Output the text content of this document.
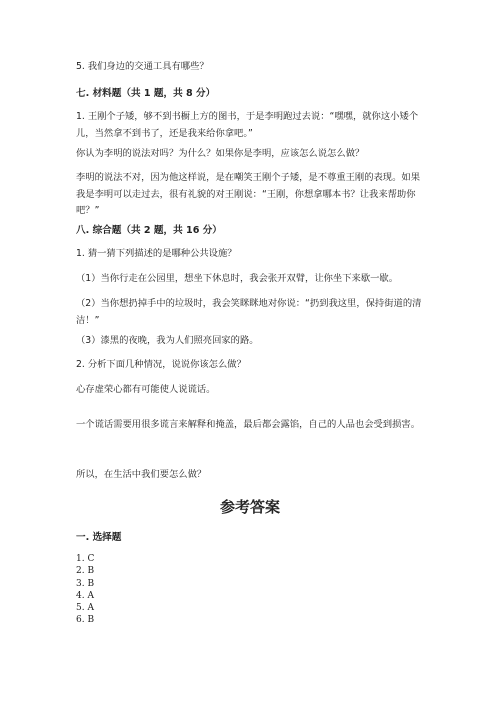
5. 我们身边的交通工具有哪些？

七. 材料题（共 1 题，共 8 分）

1. 王刚个子矮，够不到书橱上方的图书，于是李明跑过去说：“嘿嘿，就你这小矮个儿，当然拿不到书了，还是我来给你拿吧。”

你认为李明的说法对吗？为什么？如果你是李明，应该怎么说怎么做？

李明的说法不对，因为他这样说，是在嘲笑王刚个子矮，是不尊重王刚的表现。如果我是李明可以走过去，很有礼貌的对王刚说：“王刚，你想拿哪本书？让我来帮助你吧？”

八. 综合题（共 2 题，共 16 分）

1. 猜一猜下列描述的是哪种公共设施？

（1）当你行走在公园里，想坐下休息时，我会张开双臂，让你坐下来歇一歇。

（2）当你想扔掉手中的垃圾时，我会笑眯眯地对你说：“扔到我这里，保持街道的清洁！”

（3）漆黑的夜晚，我为人们照亮回家的路。

2. 分析下面几种情况，说说你该怎么做？

心存虚荣心都有可能使人说谎话。

一个谎话需要用很多谎言来解释和掩盖，最后都会露馅，自己的人品也会受到损害。

所以，在生活中我们要怎么做？

参考答案

一. 选择题

1. C
2. B
3. B
4. A
5. A
6. B
